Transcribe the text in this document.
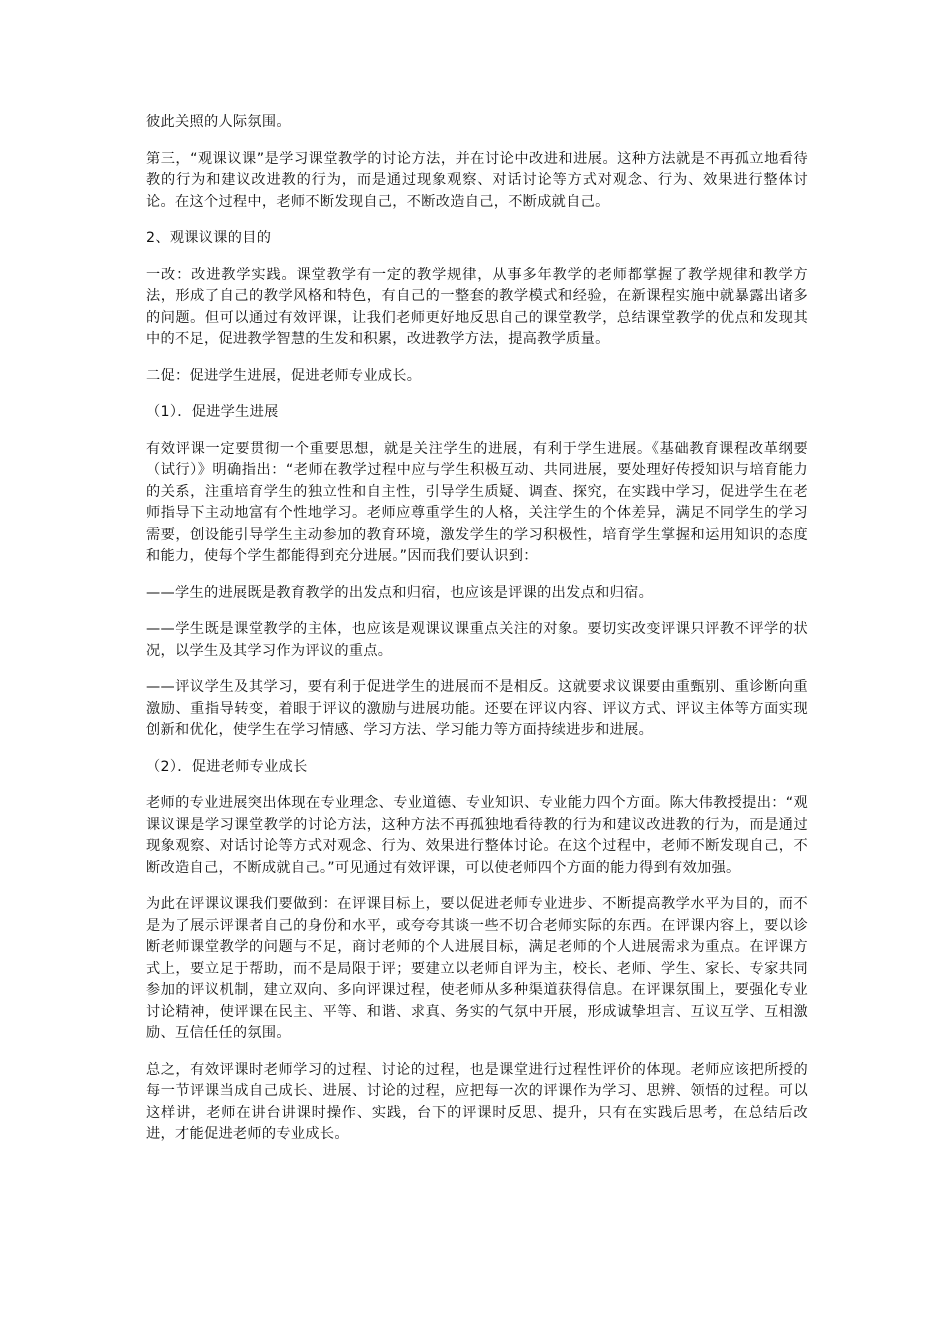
彼此关照的人际氛围。

第三，“观课议课”是学习课堂教学的讨论方法，并在讨论中改进和进展。这种方法就是不再孤立地看待教的行为和建议改进教的行为，而是通过现象观察、对话讨论等方式对观念、行为、效果进行整体讨论。在这个过程中，老师不断发现自己，不断改造自己，不断成就自己。

2、观课议课的目的

一改：改进教学实践。课堂教学有一定的教学规律，从事多年教学的老师都掌握了教学规律和教学方法，形成了自己的教学风格和特色，有自己的一整套的教学模式和经验，在新课程实施中就暴露出诸多的问题。但可以通过有效评课，让我们老师更好地反思自己的课堂教学，总结课堂教学的优点和发现其中的不足，促进教学智慧的生发和积累，改进教学方法，提高教学质量。

二促：促进学生进展，促进老师专业成长。

（1）．促进学生进展

有效评课一定要贯彻一个重要思想，就是关注学生的进展，有利于学生进展。《基础教育课程改革纲要（试行）》明确指出：“老师在教学过程中应与学生积极互动、共同进展，要处理好传授知识与培育能力的关系，注重培育学生的独立性和自主性，引导学生质疑、调查、探究，在实践中学习，促进学生在老师指导下主动地富有个性地学习。老师应尊重学生的人格，关注学生的个体差异，满足不同学生的学习需要，创设能引导学生主动参加的教育环境，激发学生的学习积极性，培育学生掌握和运用知识的态度和能力，使每个学生都能得到充分进展。”因而我们要认识到：

——学生的进展既是教育教学的出发点和归宿，也应该是评课的出发点和归宿。

——学生既是课堂教学的主体，也应该是观课议课重点关注的对象。要切实改变评课只评教不评学的状况，以学生及其学习作为评议的重点。

——评议学生及其学习，要有利于促进学生的进展而不是相反。这就要求议课要由重甄别、重诊断向重激励、重指导转变，着眼于评议的激励与进展功能。还要在评议内容、评议方式、评议主体等方面实现创新和优化，使学生在学习情感、学习方法、学习能力等方面持续进步和进展。

（2）．促进老师专业成长

老师的专业进展突出体现在专业理念、专业道德、专业知识、专业能力四个方面。陈大伟教授提出：“观课议课是学习课堂教学的讨论方法，这种方法不再孤独地看待教的行为和建议改进教的行为，而是通过现象观察、对话讨论等方式对观念、行为、效果进行整体讨论。在这个过程中，老师不断发现自己，不断改造自己，不断成就自己。”可见通过有效评课，可以使老师四个方面的能力得到有效加强。

为此在评课议课我们要做到：在评课目标上，要以促进老师专业进步、不断提高教学水平为目的，而不是为了展示评课者自己的身份和水平，或夸夸其谈一些不切合老师实际的东西。在评课内容上，要以诊断老师课堂教学的问题与不足，商讨老师的个人进展目标，满足老师的个人进展需求为重点。在评课方式上，要立足于帮助，而不是局限于评；要建立以老师自评为主，校长、老师、学生、家长、专家共同参加的评议机制，建立双向、多向评课过程，使老师从多种渠道获得信息。在评课氛围上，要强化专业讨论精神，使评课在民主、平等、和谐、求真、务实的气氛中开展，形成诚挚坦言、互议互学、互相激励、互信任任的氛围。

总之，有效评课时老师学习的过程、讨论的过程，也是课堂进行过程性评价的体现。老师应该把所授的每一节评课当成自己成长、进展、讨论的过程，应把每一次的评课作为学习、思辨、领悟的过程。可以这样讲，老师在讲台讲课时操作、实践，台下的评课时反思、提升，只有在实践后思考，在总结后改进，才能促进老师的专业成长。
